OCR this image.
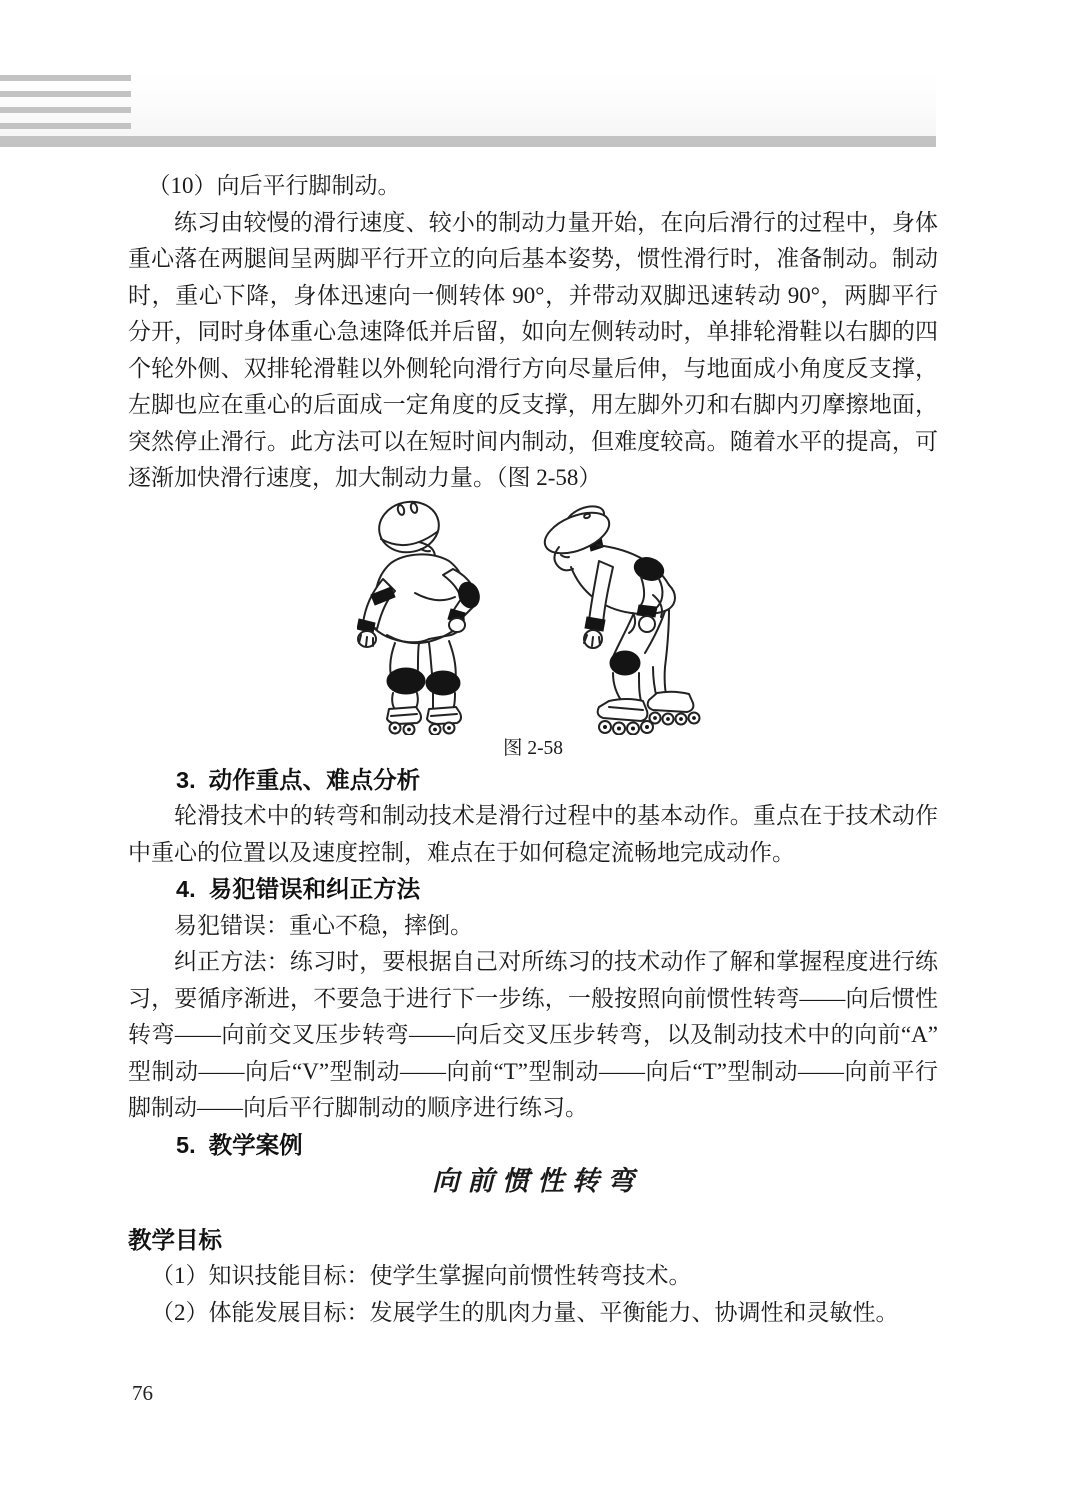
（10）向后平行脚制动。

练习由较慢的滑行速度、较小的制动力量开始，在向后滑行的过程中，身体重心落在两腿间呈两脚平行开立的向后基本姿势，惯性滑行时，准备制动。制动时，重心下降，身体迅速向一侧转体 90°，并带动双脚迅速转动 90°，两脚平行分开，同时身体重心急速降低并后留，如向左侧转动时，单排轮滑鞋以右脚的四个轮外侧、双排轮滑鞋以外侧轮向滑行方向尽量后伸，与地面成小角度反支撑，左脚也应在重心的后面成一定角度的反支撑，用左脚外刃和右脚内刃摩擦地面，突然停止滑行。此方法可以在短时间内制动，但难度较高。随着水平的提高，可逐渐加快滑行速度，加大制动力量。（图 2-58）

图 2-58
3. 动作重点、难点分析

轮滑技术中的转弯和制动技术是滑行过程中的基本动作。重点在于技术动作中重心的位置以及速度控制，难点在于如何稳定流畅地完成动作。

4. 易犯错误和纠正方法

易犯错误：重心不稳，摔倒。

纠正方法：练习时，要根据自己对所练习的技术动作了解和掌握程度进行练习，要循序渐进，不要急于进行下一步练，一般按照向前惯性转弯——向后惯性转弯——向前交叉压步转弯——向后交叉压步转弯，以及制动技术中的向前“A”型制动——向后“V”型制动——向前“T”型制动——向后“T”型制动——向前平行脚制动——向后平行脚制动的顺序进行练习。

5. 教学案例
向前惯性转弯
教学目标

（1）知识技能目标：使学生掌握向前惯性转弯技术。

（2）体能发展目标：发展学生的肌肉力量、平衡能力、协调性和灵敏性。

76
